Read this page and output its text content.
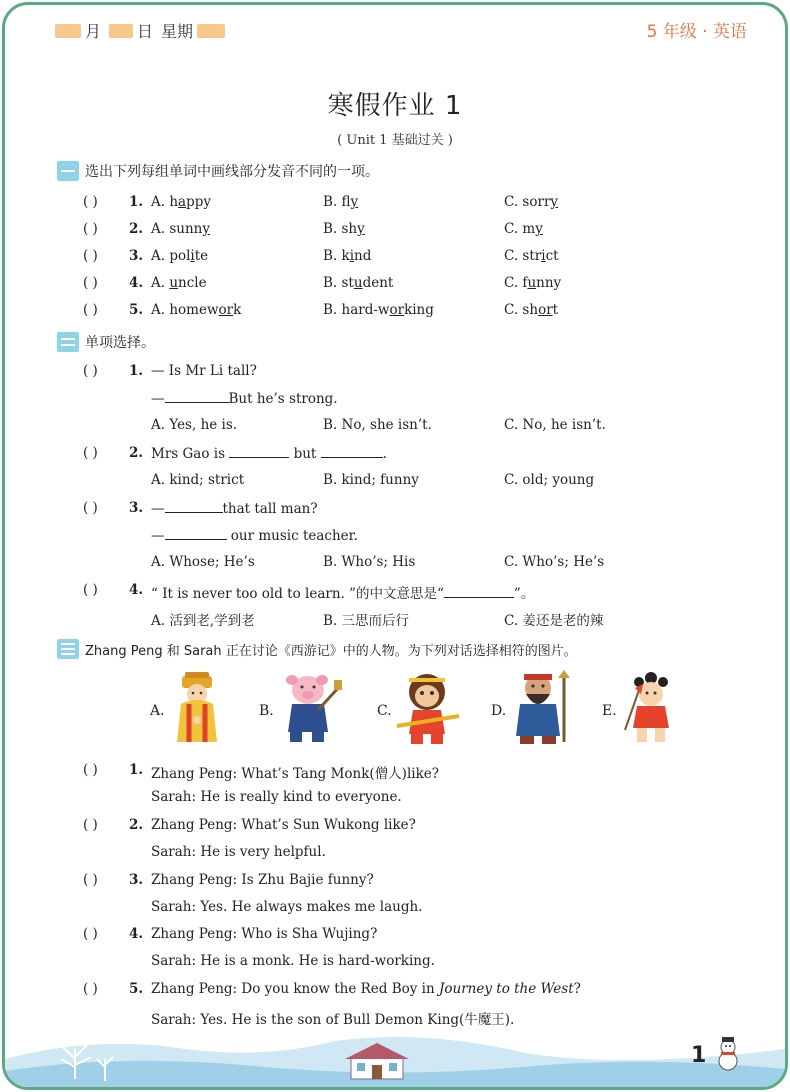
月 日 星期	5 年级 · 英语
寒假作业 1
( Unit 1 基础过关 )
选出下列每组单词中画线部分发音不同的一项。
( ) 1. A. happy	B. fly	C. sorry
( ) 2. A. sunny	B. shy	C. my
( ) 3. A. polite	B. kind	C. strict
( ) 4. A. uncle	B. student	C. funny
( ) 5. A. homework	B. hard-working	C. short
单项选择。
( ) 1. — Is Mr Li tall?
—	But he’s strong.
A. Yes, he is.	B. No, she isn’t.	C. No, he isn’t.
( ) 2. Mrs Gao is	but	.
A. kind; strict	B. kind; funny	C. old; young
( ) 3. —	that tall man?
—	our music teacher.
A. Whose; He’s	B. Who’s; His	C. Who’s; He’s
( ) 4. “ It is never too old to learn. ”的中文意思是“	”。
A. 活到老,学到老	B. 三思而后行	C. 姜还是老的辣
Zhang Peng 和 Sarah 正在讨论《西游记》中的人物。为下列对话选择相符的图片。
A.	B.	C.	D.	E.
( ) 1. Zhang Peng: What’s Tang Monk(僧人)like?
Sarah: He is really kind to everyone.
( ) 2. Zhang Peng: What’s Sun Wukong like?
Sarah: He is very helpful.
( ) 3. Zhang Peng: Is Zhu Bajie funny?
Sarah: Yes. He always makes me laugh.
( ) 4. Zhang Peng: Who is Sha Wujing?
Sarah: He is a monk. He is hard-working.
( ) 5. Zhang Peng: Do you know the Red Boy in Journey to the West?
Sarah: Yes. He is the son of Bull Demon King(牛魔王).
1
